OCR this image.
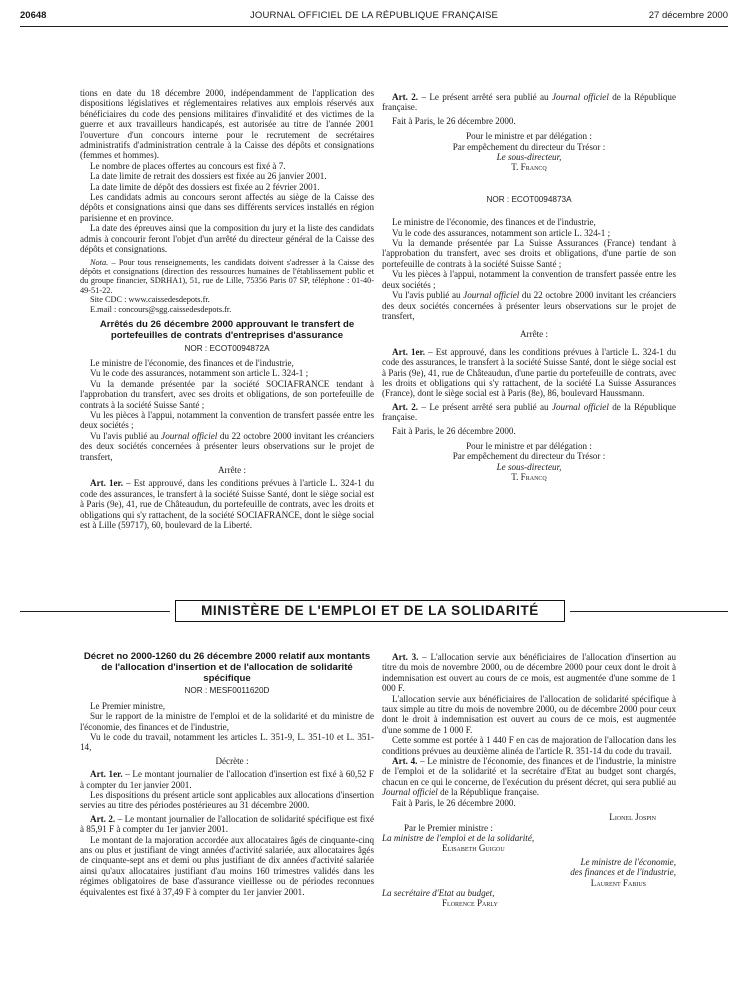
20648	JOURNAL OFFICIEL DE LA RÉPUBLIQUE FRANÇAISE	27 décembre 2000

tions en date du 18 décembre 2000, indépendamment de l'application des dispositions législatives et réglementaires relatives aux emplois réservés aux bénéficiaires du code des pensions militaires d'invalidité et des victimes de la guerre et aux travailleurs handicapés, est autorisée au titre de l'année 2001 l'ouverture d'un concours interne pour le recrutement de secrétaires administratifs d'administration centrale à la Caisse des dépôts et consignations (femmes et hommes).

Le nombre de places offertes au concours est fixé à 7.

La date limite de retrait des dossiers est fixée au 26 janvier 2001.

La date limite de dépôt des dossiers est fixée au 2 février 2001.

Les candidats admis au concours seront affectés au siège de la Caisse des dépôts et consignations ainsi que dans ses différents services installés en région parisienne et en province.

La date des épreuves ainsi que la composition du jury et la liste des candidats admis à concourir feront l'objet d'un arrêté du directeur général de la Caisse des dépôts et consignations.

Nota. – Pour tous renseignements, les candidats doivent s'adresser à la Caisse des dépôts et consignations (direction des ressources humaines de l'établissement public et du groupe financier, SDRHA1), 51, rue de Lille, 75356 Paris 07 SP, téléphone : 01-40-49-51-22.

Site CDC : www.caissedesdepots.fr.

E.mail : concours@sgg.caissedesdepots.fr.

Arrêtés du 26 décembre 2000 approuvant le transfert de portefeuilles de contrats d'entreprises d'assurance
NOR : ECOT0094872A

Le ministre de l'économie, des finances et de l'industrie,

Vu le code des assurances, notamment son article L. 324-1 ;

Vu la demande présentée par la société SOCIAFRANCE tendant à l'approbation du transfert, avec ses droits et obligations, de son portefeuille de contrats à la société Suisse Santé ;

Vu les pièces à l'appui, notamment la convention de transfert passée entre les deux sociétés ;

Vu l'avis publié au Journal officiel du 22 octobre 2000 invitant les créanciers des deux sociétés concernées à présenter leurs observations sur le projet de transfert,

Arrête :

Art. 1er. – Est approuvé, dans les conditions prévues à l'article L. 324-1 du code des assurances, le transfert à la société Suisse Santé, dont le siège social est à Paris (9e), 41, rue de Châteaudun, du portefeuille de contrats, avec les droits et obligations qui s'y rattachent, de la société SOCIAFRANCE, dont le siège social est à Lille (59717), 60, boulevard de la Liberté.

Art. 2. – Le présent arrêté sera publié au Journal officiel de la République française.

Fait à Paris, le 26 décembre 2000.

Pour le ministre et par délégation :
Par empêchement du directeur du Trésor :
Le sous-directeur,
T. Francq
NOR : ECOT0094873A

Le ministre de l'économie, des finances et de l'industrie,

Vu le code des assurances, notamment son article L. 324-1 ;

Vu la demande présentée par La Suisse Assurances (France) tendant à l'approbation du transfert, avec ses droits et obligations, d'une partie de son portefeuille de contrats à la société Suisse Santé ;

Vu les pièces à l'appui, notamment la convention de transfert passée entre les deux sociétés ;

Vu l'avis publié au Journal officiel du 22 octobre 2000 invitant les créanciers des deux sociétés concernées à présenter leurs observations sur le projet de transfert,

Arrête :

Art. 1er. – Est approuvé, dans les conditions prévues à l'article L. 324-1 du code des assurances, le transfert à la société Suisse Santé, dont le siège social est à Paris (9e), 41, rue de Châteaudun, d'une partie du portefeuille de contrats, avec les droits et obligations qui s'y rattachent, de la société La Suisse Assurances (France), dont le siège social est à Paris (8e), 86, boulevard Haussmann.

Art. 2. – Le présent arrêté sera publié au Journal officiel de la République française.

Fait à Paris, le 26 décembre 2000.

Pour le ministre et par délégation :
Par empêchement du directeur du Trésor :
Le sous-directeur,
T. Francq
MINISTÈRE DE L'EMPLOI ET DE LA SOLIDARITÉ
Décret no 2000-1260 du 26 décembre 2000 relatif aux montants de l'allocation d'insertion et de l'allocation de solidarité spécifique
NOR : MESF0011620D

Le Premier ministre,

Sur le rapport de la ministre de l'emploi et de la solidarité et du ministre de l'économie, des finances et de l'industrie,

Vu le code du travail, notamment les articles L. 351-9, L. 351-10 et L. 351-14,

Décrète :

Art. 1er. – Le montant journalier de l'allocation d'insertion est fixé à 60,52 F à compter du 1er janvier 2001.

Les dispositions du présent article sont applicables aux allocations d'insertion servies au titre des périodes postérieures au 31 décembre 2000.

Art. 2. – Le montant journalier de l'allocation de solidarité spécifique est fixé à 85,91 F à compter du 1er janvier 2001.

Le montant de la majoration accordée aux allocataires âgés de cinquante-cinq ans ou plus et justifiant de vingt années d'activité salariée, aux allocataires âgés de cinquante-sept ans et demi ou plus justifiant de dix années d'activité salariée ainsi qu'aux allocataires justifiant d'au moins 160 trimestres validés dans les régimes obligatoires de base d'assurance vieillesse ou de périodes reconnues équivalentes est fixé à 37,49 F à compter du 1er janvier 2001.

Art. 3. – L'allocation servie aux bénéficiaires de l'allocation d'insertion au titre du mois de novembre 2000, ou de décembre 2000 pour ceux dont le droit à indemnisation est ouvert au cours de ce mois, est augmentée d'une somme de 1 000 F.

L'allocation servie aux bénéficiaires de l'allocation de solidarité spécifique à taux simple au titre du mois de novembre 2000, ou de décembre 2000 pour ceux dont le droit à indemnisation est ouvert au cours de ce mois, est augmentée d'une somme de 1 000 F.

Cette somme est portée à 1 440 F en cas de majoration de l'allocation dans les conditions prévues au deuxième alinéa de l'article R. 351-14 du code du travail.

Art. 4. – Le ministre de l'économie, des finances et de l'industrie, la ministre de l'emploi et de la solidarité et la secrétaire d'Etat au budget sont chargés, chacun en ce qui le concerne, de l'exécution du présent décret, qui sera publié au Journal officiel de la République française.

Fait à Paris, le 26 décembre 2000.

Lionel Jospin
Par le Premier ministre :
La ministre de l'emploi et de la solidarité,
Elisabeth Guigou
Le ministre de l'économie,
des finances et de l'industrie,
Laurent Fabius
La secrétaire d'Etat au budget,
Florence Parly
